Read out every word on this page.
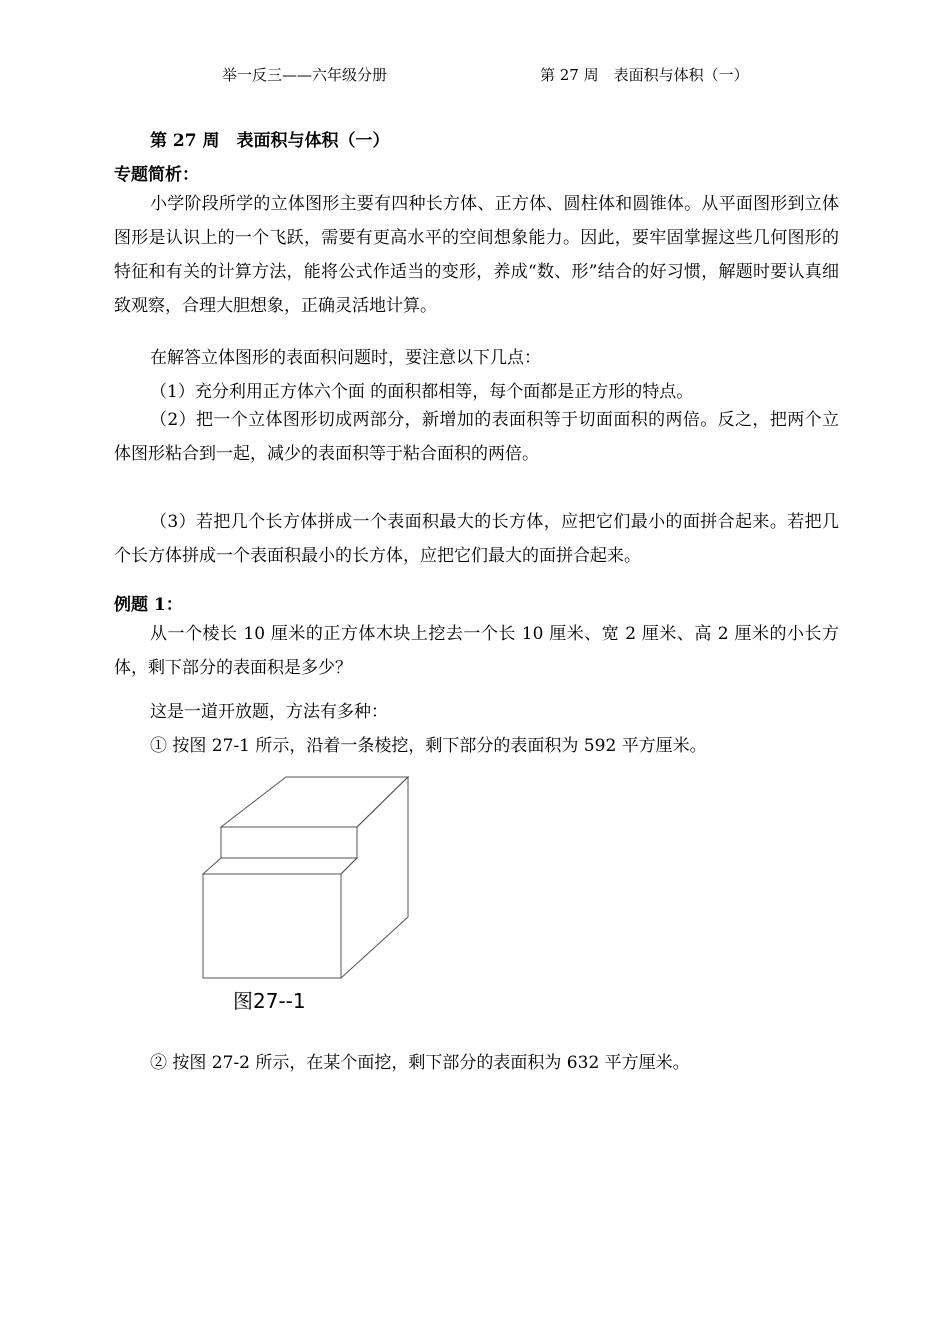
举一反三——六年级分册	第 27 周　表面积与体积（一）
第 27 周　表面积与体积（一）
专题简析：

小学阶段所学的立体图形主要有四种长方体、正方体、圆柱体和圆锥体。从平面图形到立体图形是认识上的一个飞跃，需要有更高水平的空间想象能力。因此，要牢固掌握这些几何图形的特征和有关的计算方法，能将公式作适当的变形，养成“数、形”结合的好习惯，解题时要认真细致观察，合理大胆想象，正确灵活地计算。

在解答立体图形的表面积问题时，要注意以下几点：
（1）充分利用正方体六个面 的面积都相等，每个面都是正方形的特点。

（2）把一个立体图形切成两部分，新增加的表面积等于切面面积的两倍。反之，把两个立体图形粘合到一起，减少的表面积等于粘合面积的两倍。

（3）若把几个长方体拼成一个表面积最大的长方体，应把它们最小的面拼合起来。若把几个长方体拼成一个表面积最小的长方体，应把它们最大的面拼合起来。

例题 1：

从一个棱长 10 厘米的正方体木块上挖去一个长 10 厘米、宽 2 厘米、高 2 厘米的小长方体，剩下部分的表面积是多少？

这是一道开放题，方法有多种：
① 按图 27-1 所示，沿着一条棱挖，剩下部分的表面积为 592 平方厘米。
图27--1
② 按图 27-2 所示，在某个面挖，剩下部分的表面积为 632 平方厘米。
